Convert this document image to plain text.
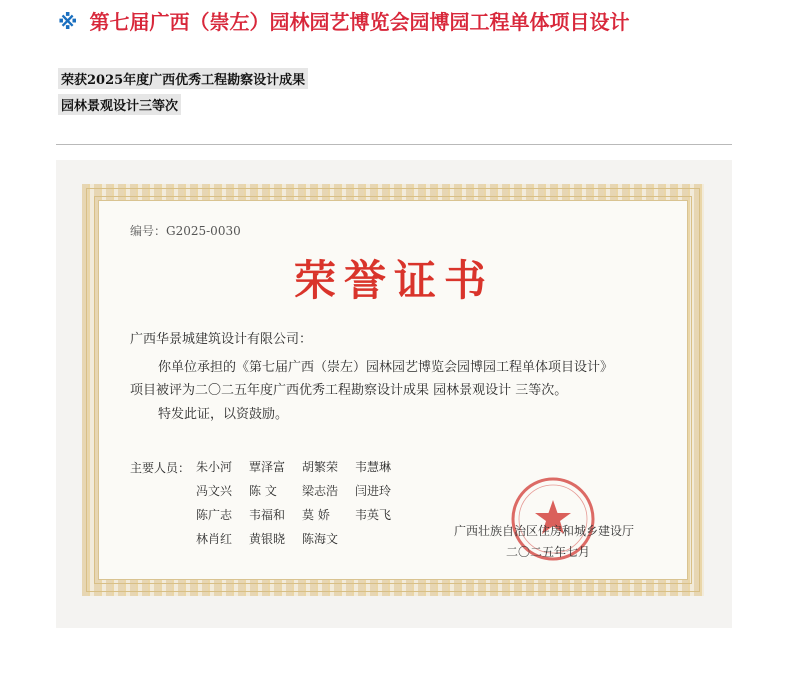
※ 第七届广西（崇左）园林园艺博览会园博园工程单体项目设计
荣获2025年度广西优秀工程勘察设计成果
园林景观设计三等次
编号：G2025-0030
荣誉证书
广西华景城建筑设计有限公司：
你单位承担的《第七届广西（崇左）园林园艺博览会园博园工程单体项目设计》
项目被评为二〇二五年度广西优秀工程勘察设计成果 园林景观设计 三等次。
特发此证，以资鼓励。
主要人员： 朱小河	覃泽富	胡繁荣	韦慧琳
冯文兴	陈 文	梁志浩	闫进玲
陈广志	韦福和	莫 娇	韦英飞
林肖红	黄银晓	陈海文
广西壮族自治区住房和城乡建设厅
二〇二五年七月
